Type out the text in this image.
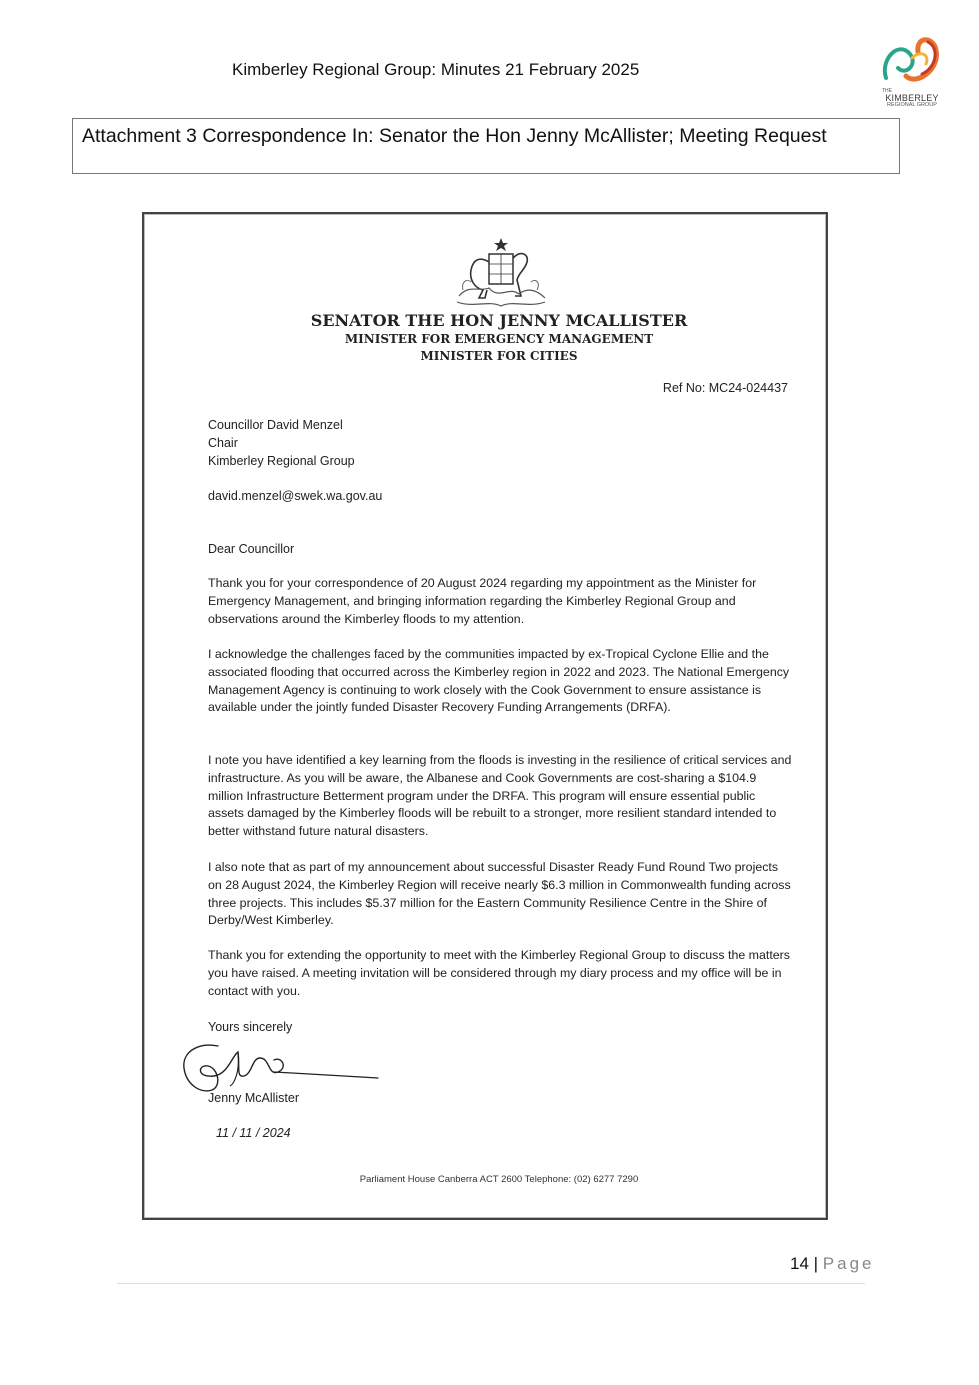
Kimberley Regional Group: Minutes 21 February 2025
THE
KIMBERLEY
REGIONAL GROUP
Attachment 3 Correspondence In: Senator the Hon Jenny McAllister; Meeting Request
SENATOR THE HON JENNY MCALLISTER
MINISTER FOR EMERGENCY MANAGEMENT
MINISTER FOR CITIES
Ref No: MC24-024437
Councillor David Menzel
Chair
Kimberley Regional Group
david.menzel@swek.wa.gov.au
Dear Councillor
Thank you for your correspondence of 20 August 2024 regarding my appointment as the Minister for Emergency Management, and bringing information regarding the Kimberley Regional Group and observations around the Kimberley floods to my attention.
I acknowledge the challenges faced by the communities impacted by ex-Tropical Cyclone Ellie and the associated flooding that occurred across the Kimberley region in 2022 and 2023. The National Emergency Management Agency is continuing to work closely with the Cook Government to ensure assistance is available under the jointly funded Disaster Recovery Funding Arrangements (DRFA).
I note you have identified a key learning from the floods is investing in the resilience of critical services and infrastructure. As you will be aware, the Albanese and Cook Governments are cost-sharing a $104.9 million Infrastructure Betterment program under the DRFA. This program will ensure essential public assets damaged by the Kimberley floods will be rebuilt to a stronger, more resilient standard intended to better withstand future natural disasters.
I also note that as part of my announcement about successful Disaster Ready Fund Round Two projects on 28 August 2024, the Kimberley Region will receive nearly $6.3 million in Commonwealth funding across three projects. This includes $5.37 million for the Eastern Community Resilience Centre in the Shire of Derby/West Kimberley.
Thank you for extending the opportunity to meet with the Kimberley Regional Group to discuss the matters you have raised. A meeting invitation will be considered through my diary process and my office will be in contact with you.
Yours sincerely
Jenny McAllister
11 / 11 / 2024
Parliament House Canberra ACT 2600 Telephone: (02) 6277 7290
14 | Page
